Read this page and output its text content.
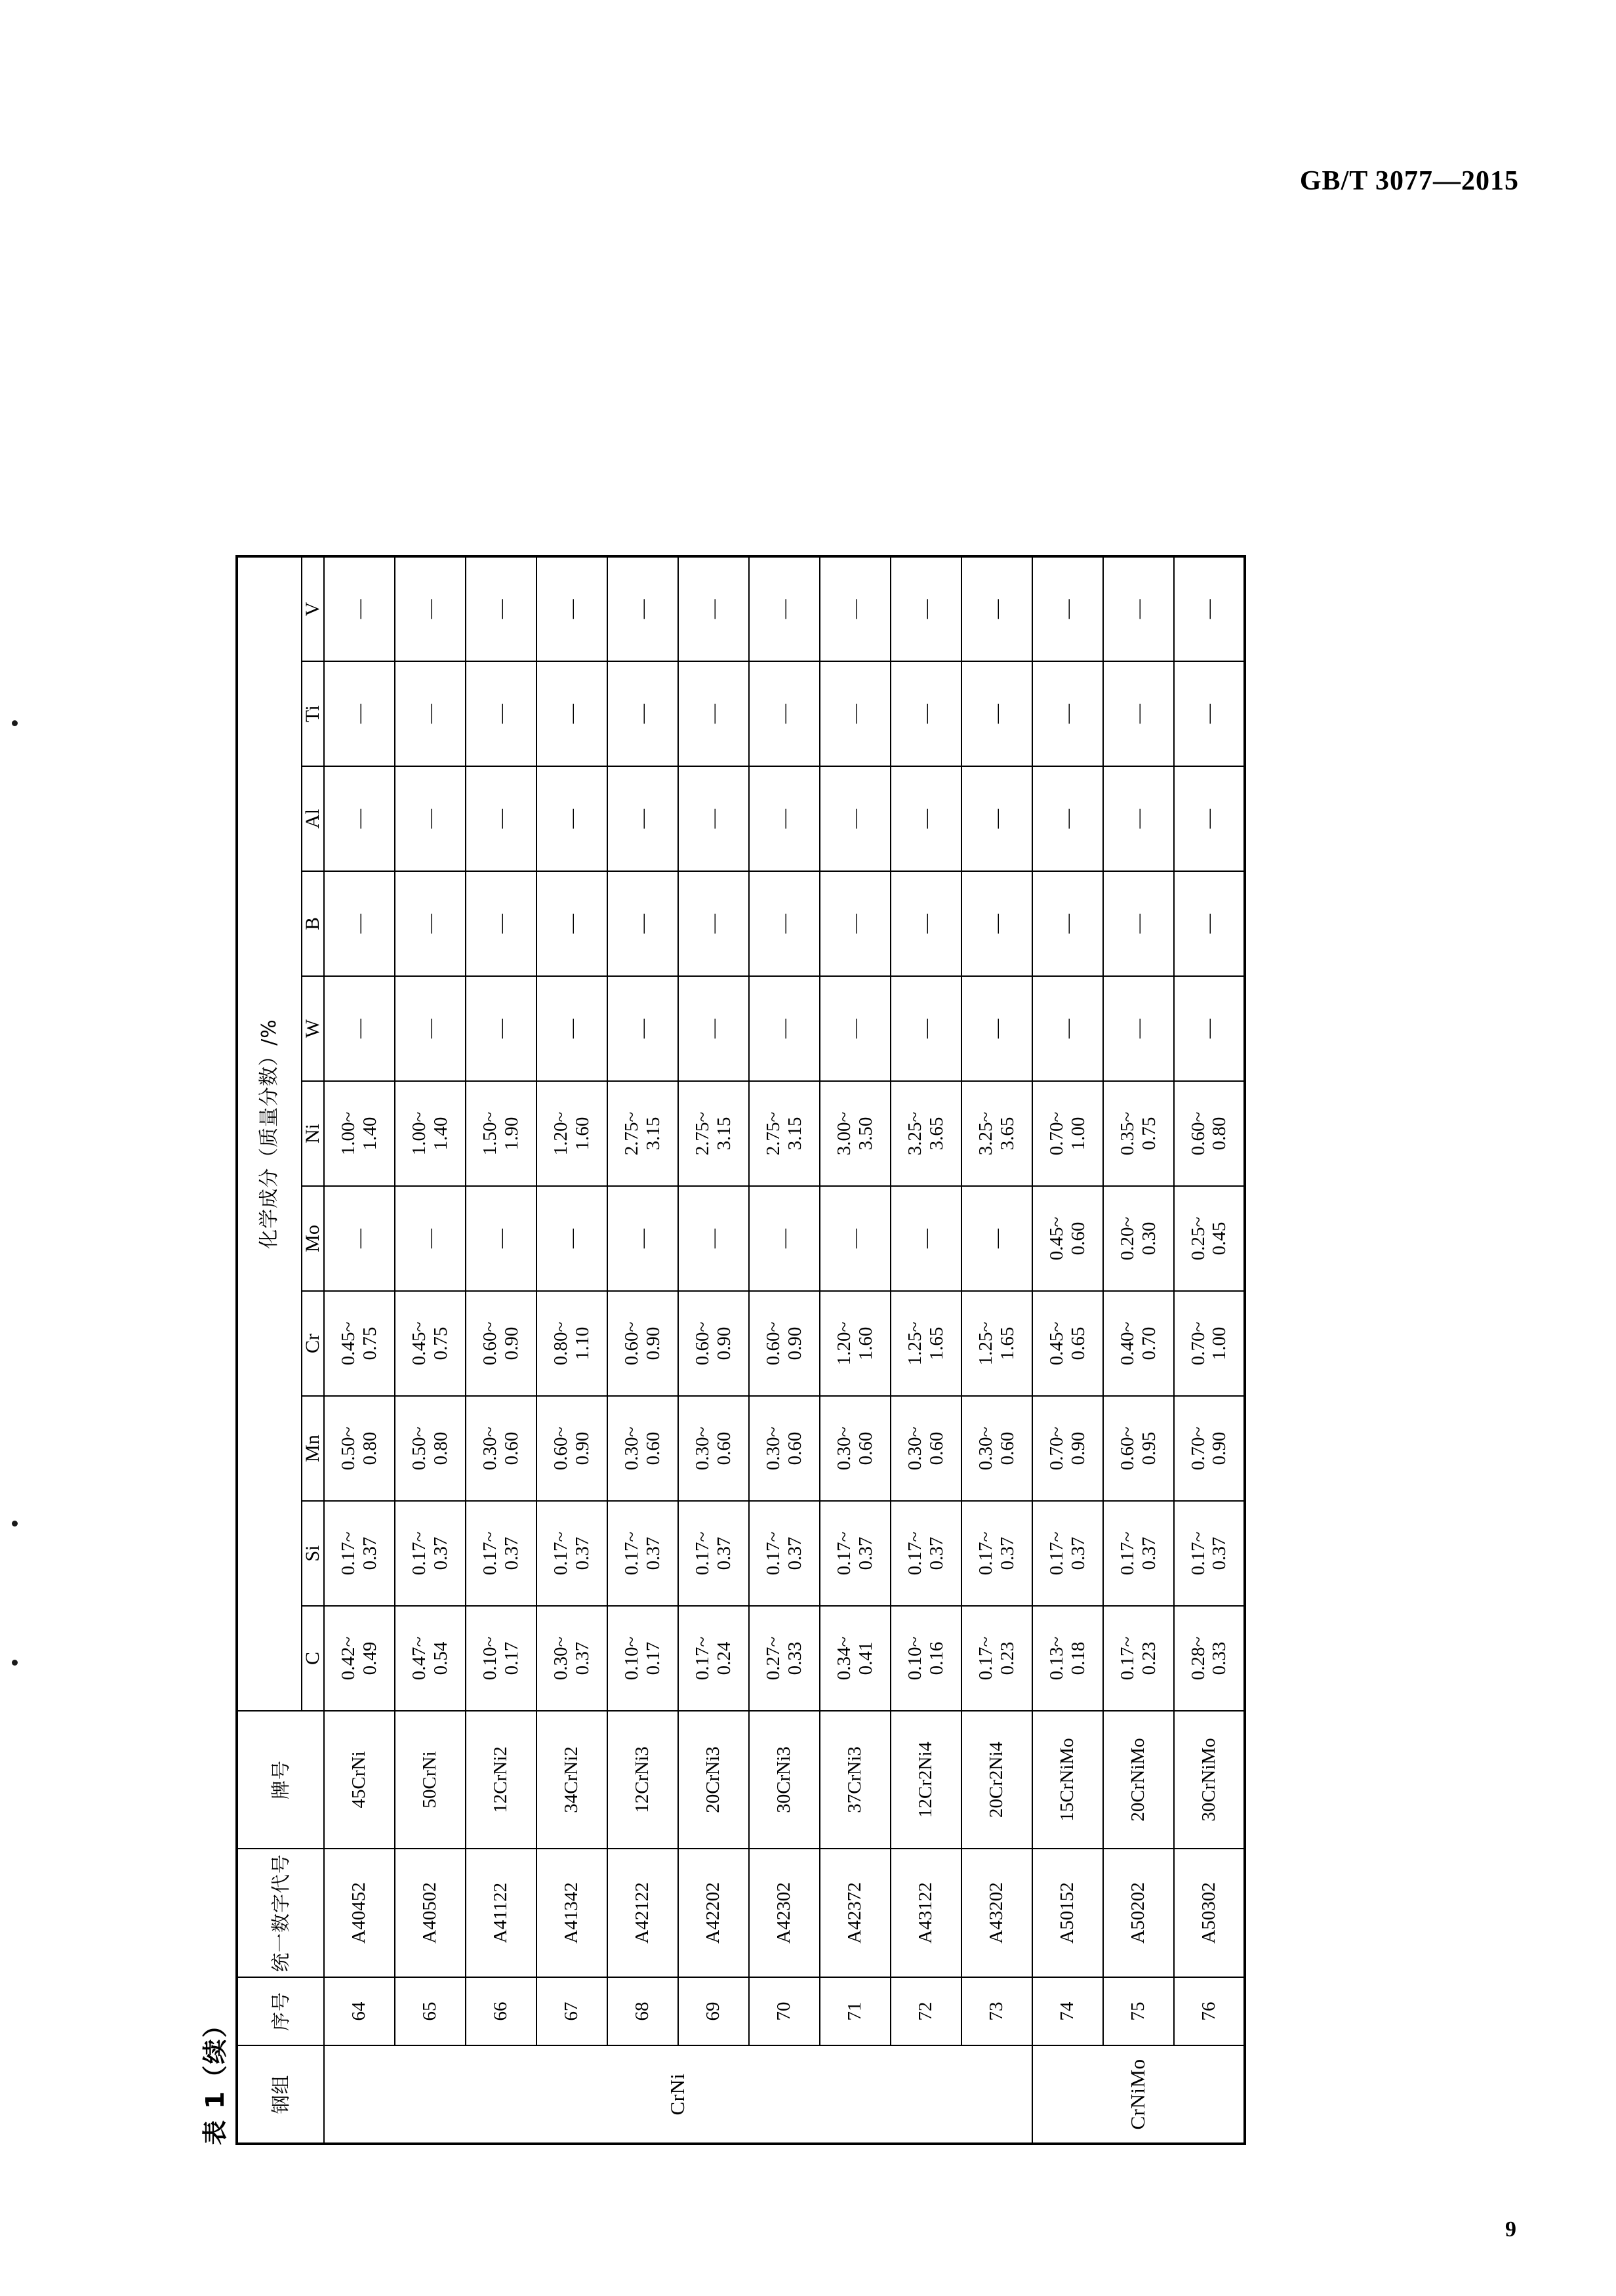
GB/T 3077—2015
表 1（续） 钢组	序号	统一数字代号	牌号	化学成分（质量分数）/%										
				C	Si	Mn	Cr	Mo	Ni	W	B	Al	Ti	V
CrNi	64	A40452	45CrNi	0.42~ 0.49	0.17~ 0.37	0.50~ 0.80	0.45~ 0.75	—	1.00~ 1.40	—	—	—	—	—

	65	A40502	50CrNi	0.47~ 0.54	0.17~ 0.37	0.50~ 0.80	0.45~ 0.75	—	1.00~ 1.40	—	—	—	—	—

	66	A41122	12CrNi2	0.10~ 0.17	0.17~ 0.37	0.30~ 0.60	0.60~ 0.90	—	1.50~ 1.90	—	—	—	—	—

	67	A41342	34CrNi2	0.30~ 0.37	0.17~ 0.37	0.60~ 0.90	0.80~ 1.10	—	1.20~ 1.60	—	—	—	—	—

	68	A42122	12CrNi3	0.10~ 0.17	0.17~ 0.37	0.30~ 0.60	0.60~ 0.90	—	2.75~ 3.15	—	—	—	—	—

	69	A42202	20CrNi3	0.17~ 0.24	0.17~ 0.37	0.30~ 0.60	0.60~ 0.90	—	2.75~ 3.15	—	—	—	—	—

	70	A42302	30CrNi3	0.27~ 0.33	0.17~ 0.37	0.30~ 0.60	0.60~ 0.90	—	2.75~ 3.15	—	—	—	—	—

	71	A42372	37CrNi3	0.34~ 0.41	0.17~ 0.37	0.30~ 0.60	1.20~ 1.60	—	3.00~ 3.50	—	—	—	—	—

	72	A43122	12Cr2Ni4	0.10~ 0.16	0.17~ 0.37	0.30~ 0.60	1.25~ 1.65	—	3.25~ 3.65	—	—	—	—	—

	73	A43202	20Cr2Ni4	0.17~ 0.23	0.17~ 0.37	0.30~ 0.60	1.25~ 1.65	—	3.25~ 3.65	—	—	—	—	—

CrNiMo	74	A50152	15CrNiMo	0.13~ 0.18	0.17~ 0.37	0.70~ 0.90	0.45~ 0.65	0.45~ 0.60	0.70~ 1.00	—	—	—	—	—

	75	A50202	20CrNiMo	0.17~ 0.23	0.17~ 0.37	0.60~ 0.95	0.40~ 0.70	0.20~ 0.30	0.35~ 0.75	—	—	—	—	—

	76	A50302	30CrNiMo	0.28~ 0.33	0.17~ 0.37	0.70~ 0.90	0.70~ 1.00	0.25~ 0.45	0.60~ 0.80	—	—	—	—	—
9
